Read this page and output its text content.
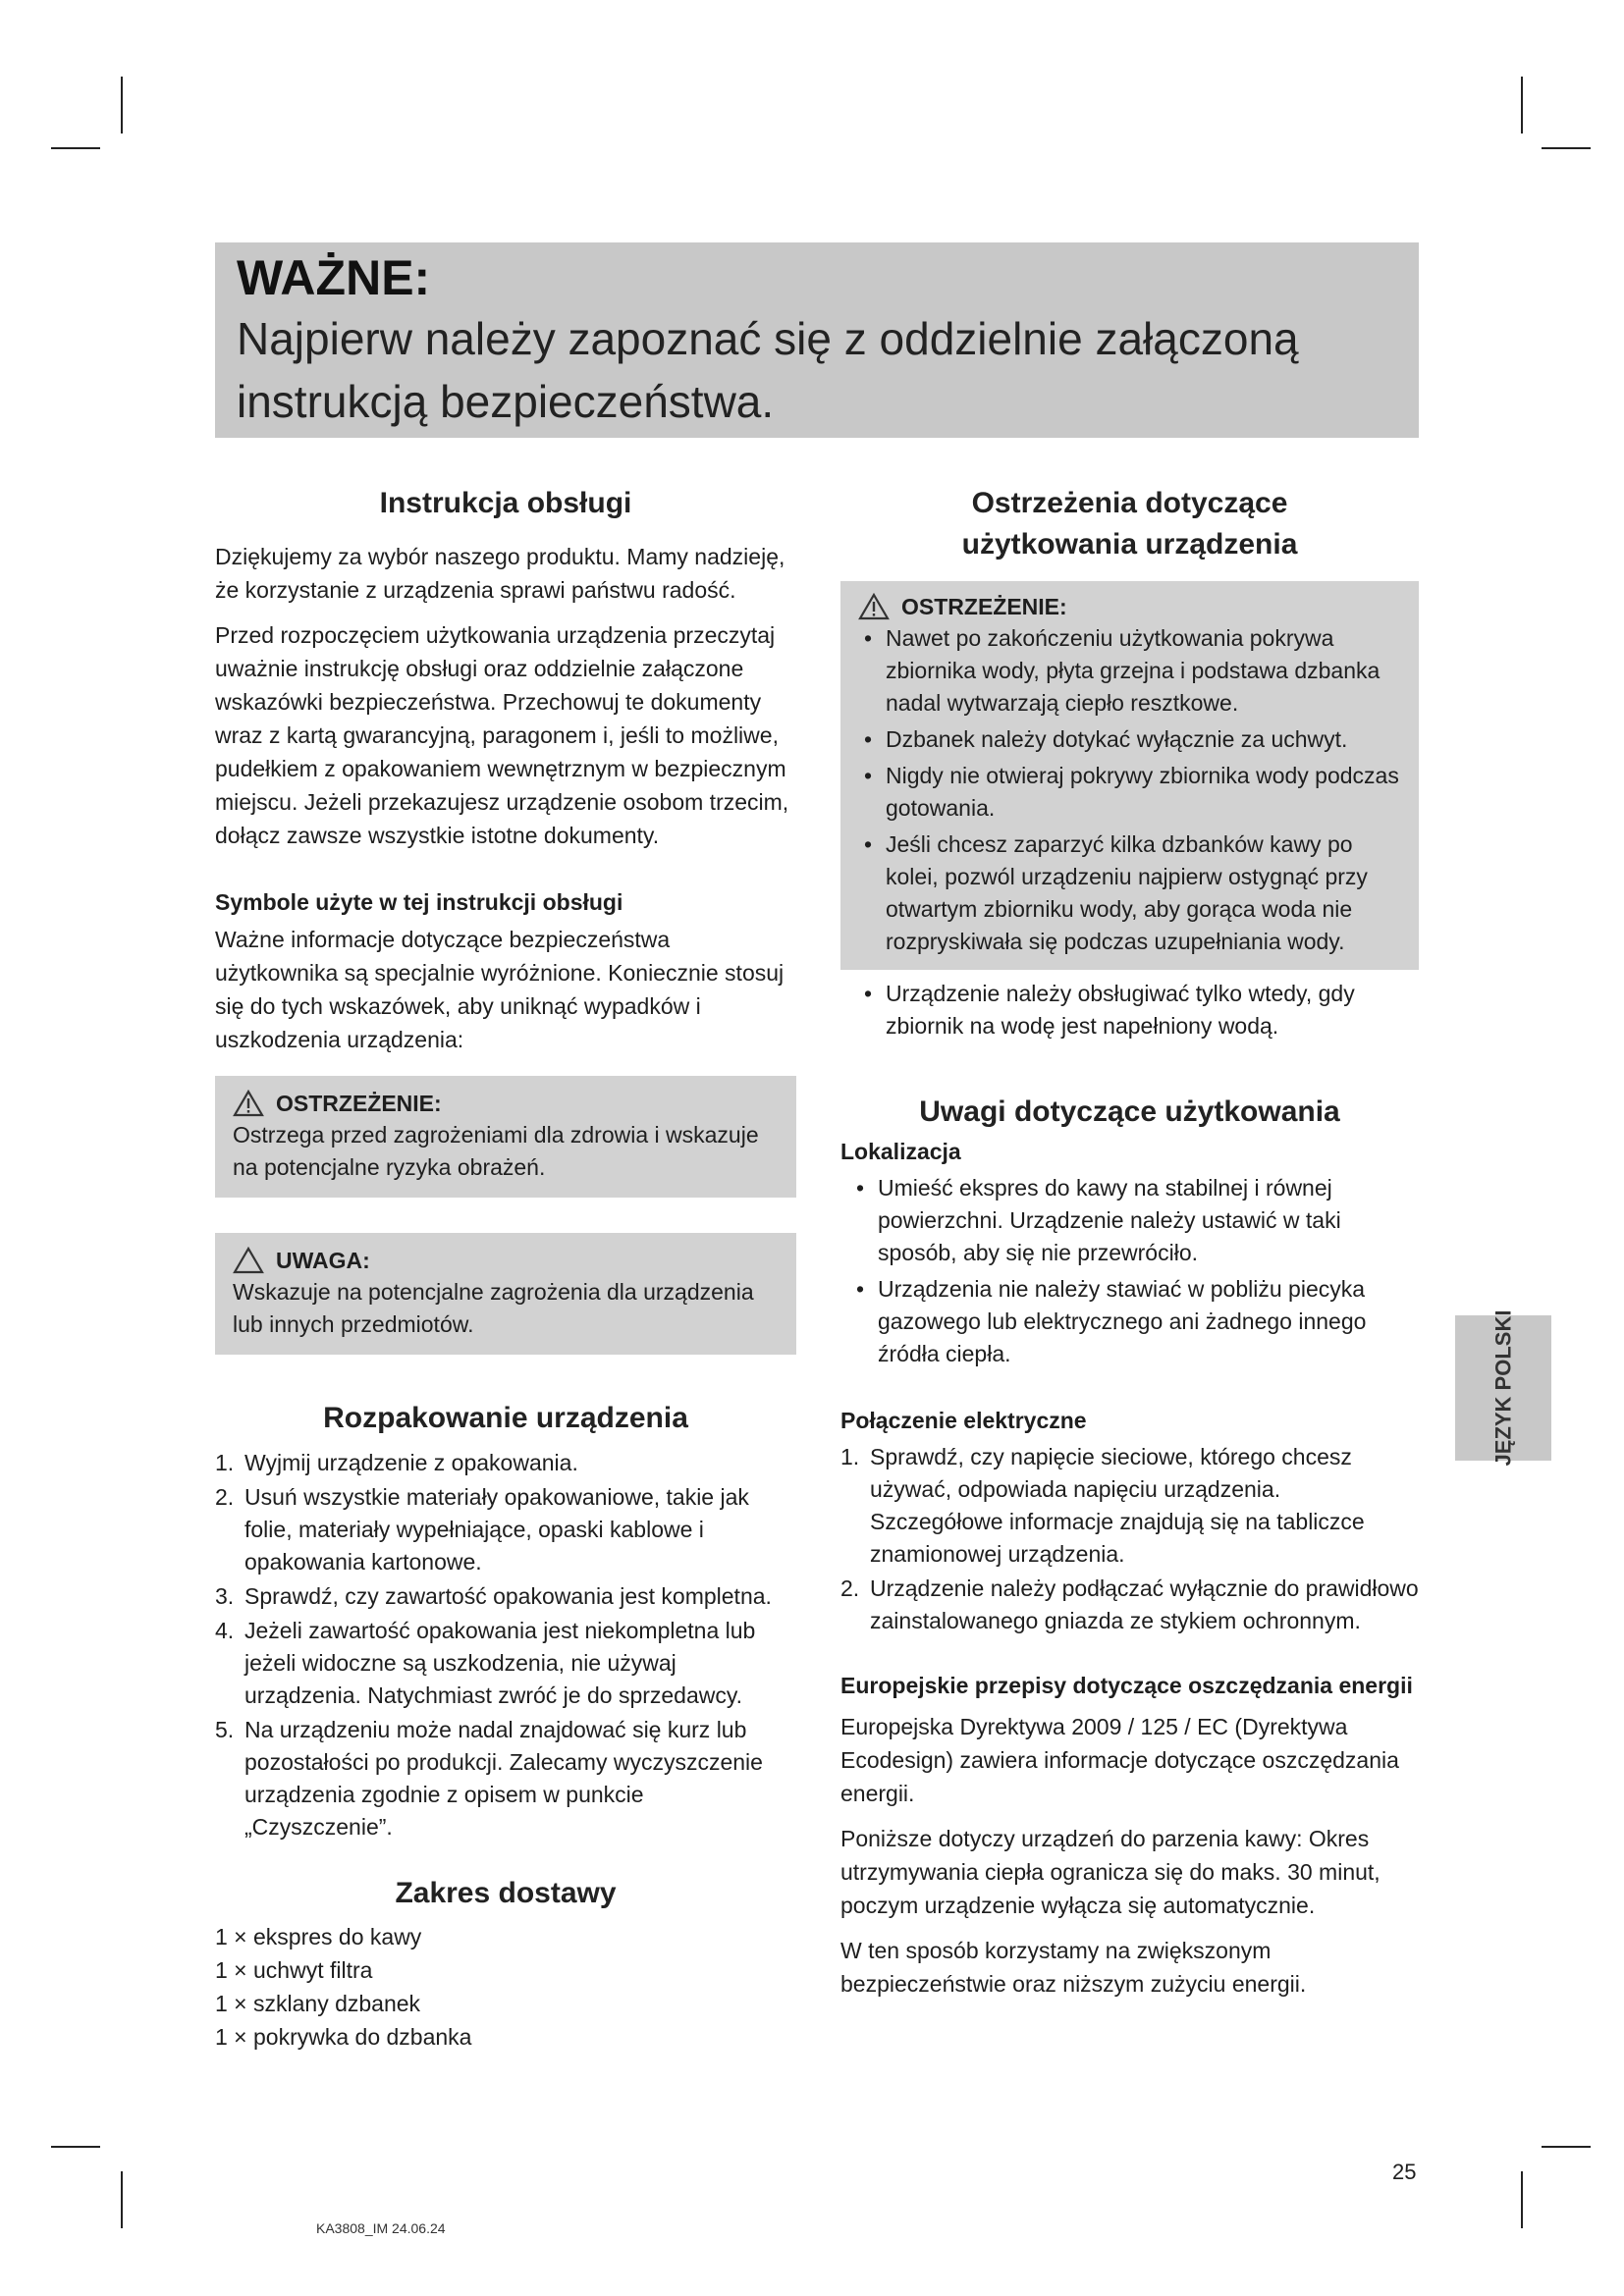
WAŻNE:
Najpierw należy zapoznać się z oddzielnie załączoną instrukcją bezpieczeństwa.
Instrukcja obsługi

Dziękujemy za wybór naszego produktu. Mamy nadzieję, że korzystanie z urządzenia sprawi państwu radość.

Przed rozpoczęciem użytkowania urządzenia przeczytaj uważnie instrukcję obsługi oraz oddzielnie załączone wskazówki bezpieczeństwa. Przechowuj te dokumenty wraz z kartą gwarancyjną, paragonem i, jeśli to możliwe, pudełkiem z opakowaniem wewnętrznym w bezpiecznym miejscu. Jeżeli przekazujesz urządzenie osobom trzecim, dołącz zawsze wszystkie istotne dokumenty.

Symbole użyte w tej instrukcji obsługi

Ważne informacje dotyczące bezpieczeństwa użytkownika są specjalnie wyróżnione. Koniecznie stosuj się do tych wskazówek, aby uniknąć wypadków i uszkodzenia urządzenia:

OSTRZEŻENIE:
Ostrzega przed zagrożeniami dla zdrowia i wskazuje na potencjalne ryzyka obrażeń.
UWAGA:
Wskazuje na potencjalne zagrożenia dla urządzenia lub innych przedmiotów.
Rozpakowanie urządzenia
1. Wyjmij urządzenie z opakowania.
2. Usuń wszystkie materiały opakowaniowe, takie jak folie, materiały wypełniające, opaski kablowe i opakowania kartonowe.
3. Sprawdź, czy zawartość opakowania jest kompletna.
4. Jeżeli zawartość opakowania jest niekompletna lub jeżeli widoczne są uszkodzenia, nie używaj urządzenia. Natychmiast zwróć je do sprzedawcy.
5. Na urządzeniu może nadal znajdować się kurz lub pozostałości po produkcji. Zalecamy wyczyszczenie urządzenia zgodnie z opisem w punkcie „Czyszczenie”.
Zakres dostawy
1 × ekspres do kawy
1 × uchwyt filtra
1 × szklany dzbanek
1 × pokrywka do dzbanka
Ostrzeżenia dotyczące użytkowania urządzenia
OSTRZEŻENIE:
• Nawet po zakończeniu użytkowania pokrywa zbiornika wody, płyta grzejna i podstawa dzbanka nadal wytwarzają ciepło resztkowe.
• Dzbanek należy dotykać wyłącznie za uchwyt.
• Nigdy nie otwieraj pokrywy zbiornika wody podczas gotowania.
• Jeśli chcesz zaparzyć kilka dzbanków kawy po kolei, pozwól urządzeniu najpierw ostygnąć przy otwartym zbiorniku wody, aby gorąca woda nie rozpryskiwała się podczas uzupełniania wody.
• Urządzenie należy obsługiwać tylko wtedy, gdy zbiornik na wodę jest napełniony wodą.
Uwagi dotyczące użytkowania
Lokalizacja
• Umieść ekspres do kawy na stabilnej i równej powierzchni. Urządzenie należy ustawić w taki sposób, aby się nie przewróciło.
• Urządzenia nie należy stawiać w pobliżu piecyka gazowego lub elektrycznego ani żadnego innego źródła ciepła.
Połączenie elektryczne
1. Sprawdź, czy napięcie sieciowe, którego chcesz używać, odpowiada napięciu urządzenia. Szczegółowe informacje znajdują się na tabliczce znamionowej urządzenia.
2. Urządzenie należy podłączać wyłącznie do prawidłowo zainstalowanego gniazda ze stykiem ochronnym.
Europejskie przepisy dotyczące oszczędzania energii

Europejska Dyrektywa 2009 / 125 / EC (Dyrektywa Ecodesign) zawiera informacje dotyczące oszczędzania energii.

Poniższe dotyczy urządzeń do parzenia kawy: Okres utrzymywania ciepła ogranicza się do maks. 30 minut, poczym urządzenie wyłącza się automatycznie.

W ten sposób korzystamy na zwiększonym bezpieczeństwie oraz niższym zużyciu energii.

JĘZYK POLSKI
25
KA3808_IM 24.06.24
